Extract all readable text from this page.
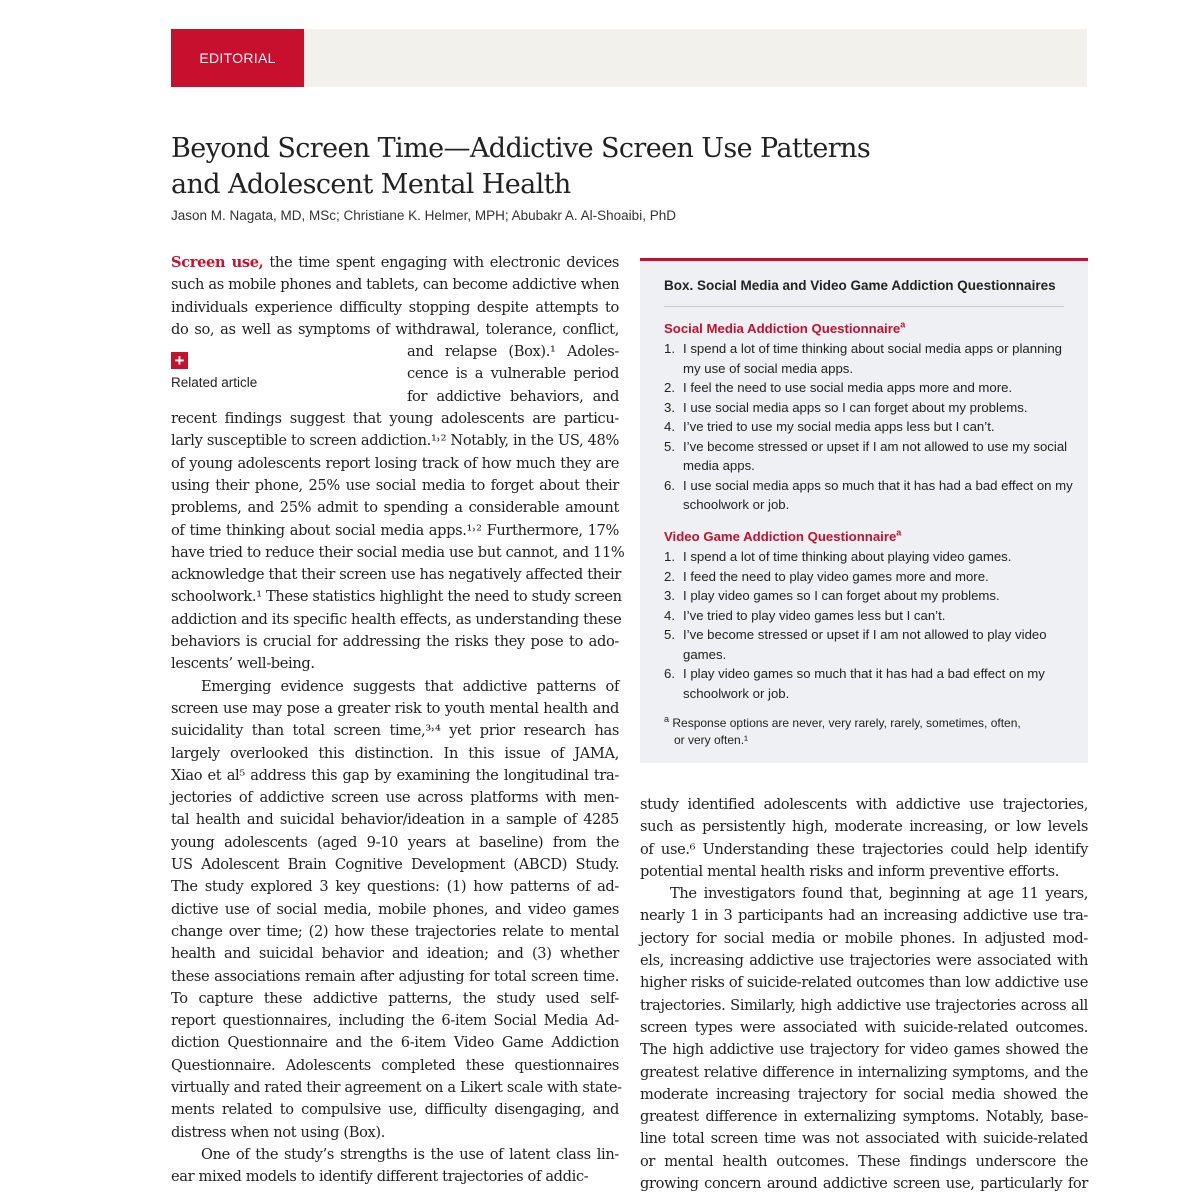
EDITORIAL
Beyond Screen Time—Addictive Screen Use Patterns
and Adolescent Mental Health
Jason M. Nagata, MD, MSc; Christiane K. Helmer, MPH; Abubakr A. Al-Shoaibi, PhD
+
Related article
Screen use, the time spent engaging with electronic devices
such as mobile phones and tablets, can become addictive when
individuals experience difficulty stopping despite attempts to
do so, as well as symptoms of withdrawal, tolerance, conflict,
and relapse (Box).¹ Adoles-
cence is a vulnerable period
for addictive behaviors, and
recent findings suggest that young adolescents are particu-
larly susceptible to screen addiction.¹˒² Notably, in the US, 48%
of young adolescents report losing track of how much they are
using their phone, 25% use social media to forget about their
problems, and 25% admit to spending a considerable amount
of time thinking about social media apps.¹˒² Furthermore, 17%
have tried to reduce their social media use but cannot, and 11%
acknowledge that their screen use has negatively affected their
schoolwork.¹ These statistics highlight the need to study screen
addiction and its specific health effects, as understanding these
behaviors is crucial for addressing the risks they pose to ado-
lescents’ well-being.
Emerging evidence suggests that addictive patterns of
screen use may pose a greater risk to youth mental health and
suicidality than total screen time,³˒⁴ yet prior research has
largely overlooked this distinction. In this issue of JAMA,
Xiao et al⁵ address this gap by examining the longitudinal tra-
jectories of addictive screen use across platforms with men-
tal health and suicidal behavior/ideation in a sample of 4285
young adolescents (aged 9-10 years at baseline) from the
US Adolescent Brain Cognitive Development (ABCD) Study.
The study explored 3 key questions: (1) how patterns of ad-
dictive use of social media, mobile phones, and video games
change over time; (2) how these trajectories relate to mental
health and suicidal behavior and ideation; and (3) whether
these associations remain after adjusting for total screen time.
To capture these addictive patterns, the study used self-
report questionnaires, including the 6-item Social Media Ad-
diction Questionnaire and the 6-item Video Game Addiction
Questionnaire. Adolescents completed these questionnaires
virtually and rated their agreement on a Likert scale with state-
ments related to compulsive use, difficulty disengaging, and
distress when not using (Box).
One of the study’s strengths is the use of latent class lin-
ear mixed models to identify different trajectories of addic-
study identified adolescents with addictive use trajectories,
such as persistently high, moderate increasing, or low levels
of use.⁶ Understanding these trajectories could help identify
potential mental health risks and inform preventive efforts.
The investigators found that, beginning at age 11 years,
nearly 1 in 3 participants had an increasing addictive use tra-
jectory for social media or mobile phones. In adjusted mod-
els, increasing addictive use trajectories were associated with
higher risks of suicide-related outcomes than low addictive use
trajectories. Similarly, high addictive use trajectories across all
screen types were associated with suicide-related outcomes.
The high addictive use trajectory for video games showed the
greatest relative difference in internalizing symptoms, and the
moderate increasing trajectory for social media showed the
greatest difference in externalizing symptoms. Notably, base-
line total screen time was not associated with suicide-related
or mental health outcomes. These findings underscore the
growing concern around addictive screen use, particularly for
Box. Social Media and Video Game Addiction Questionnaires
Social Media Addiction Questionnaire$^a$
1. I spend a lot of time thinking about social media apps or planning my use of social media apps.
2. I feel the need to use social media apps more and more.
3. I use social media apps so I can forget about my problems.
4. I’ve tried to use my social media apps less but I can’t.
5. I’ve become stressed or upset if I am not allowed to use my social media apps.
6. I use social media apps so much that it has had a bad effect on my schoolwork or job.
Video Game Addiction Questionnaire$^a$
1. I spend a lot of time thinking about playing video games.
2. I feed the need to play video games more and more.
3. I play video games so I can forget about my problems.
4. I’ve tried to play video games less but I can’t.
5. I’ve become stressed or upset if I am not allowed to play video games.
6. I play video games so much that it has had a bad effect on my schoolwork or job.
$^a$ Response options are never, very rarely, rarely, sometimes, often,
or very often.¹
